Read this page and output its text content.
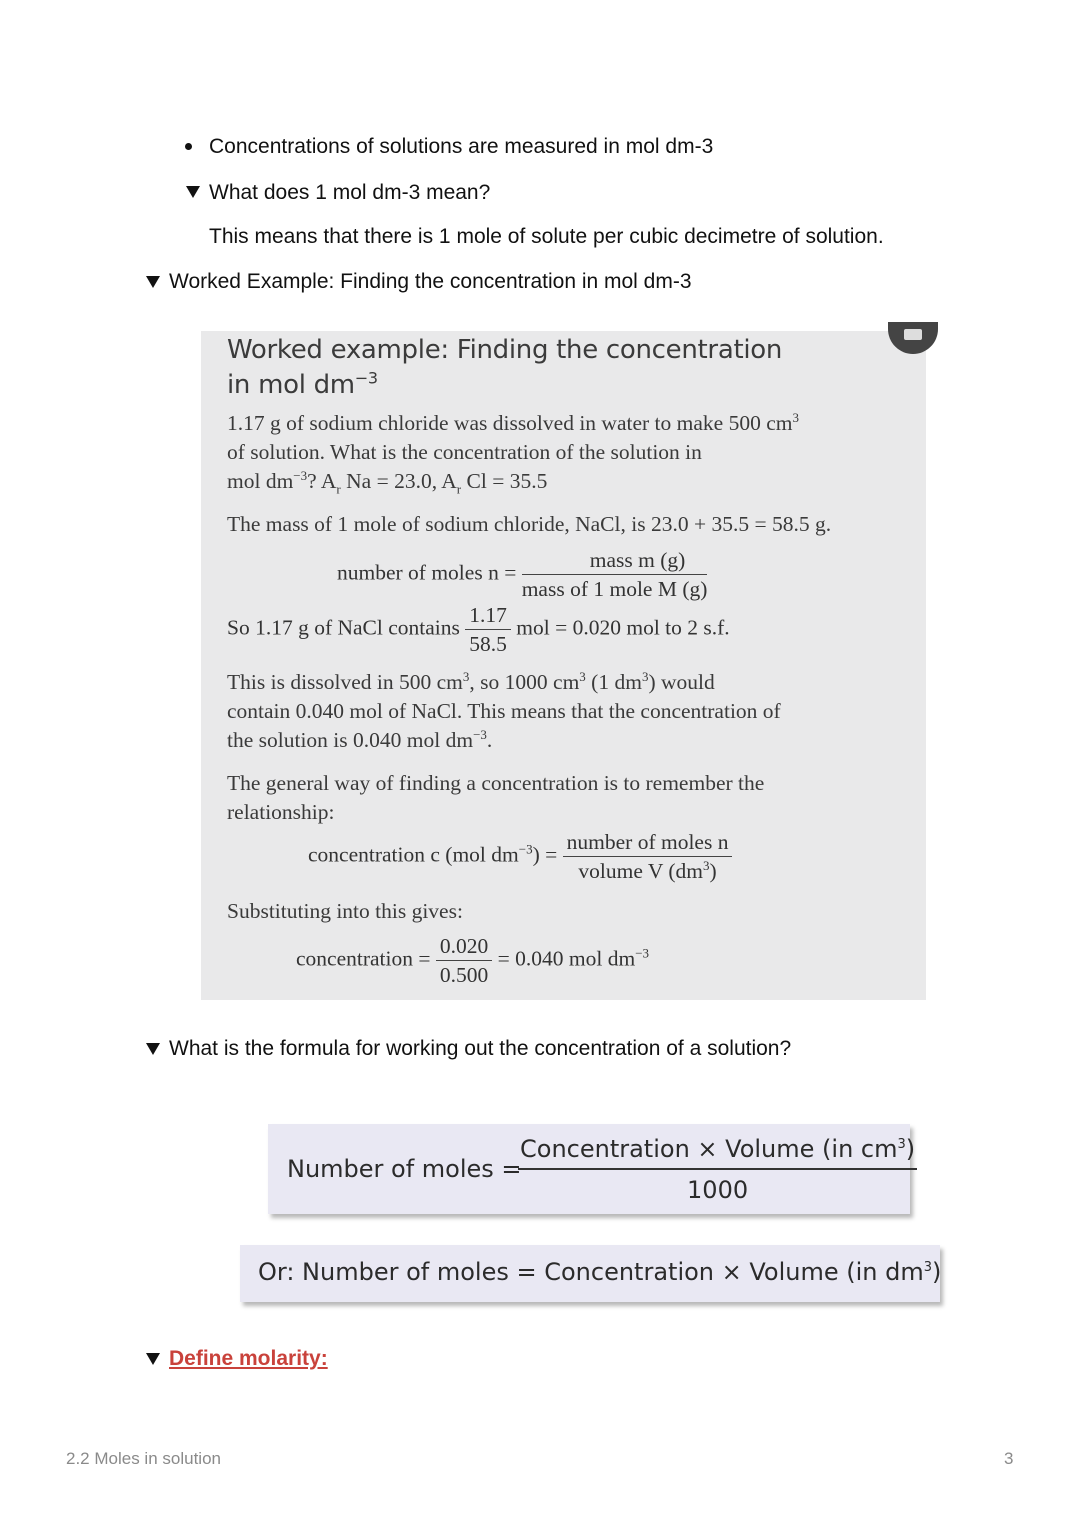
Concentrations of solutions are measured in mol dm-3
What does 1 mol dm-3 mean?
This means that there is 1 mole of solute per cubic decimetre of solution.
Worked Example: Finding the concentration in mol dm-3
Worked example: Finding the concentration
in mol $dm^{-3}$
1.17 g of sodium chloride was dissolved in water to make 500 $cm^3$
of solution. What is the concentration of the solution in
mol $dm^{-3}$? $A_r$ Na = 23.0, $A_r$ Cl = 35.5
The mass of 1 mole of sodium chloride, NaCl, is 23.0 + 35.5 = 58.5 g.
number of moles $n = \frac{\text{mass m (g)}}{\text{mass of 1 mole M (g)}}$
So 1.17 g of NaCl contains $\frac{1.17}{58.5}$ mol = 0.020 mol to 2 s.f.
This is dissolved in 500 $cm^3$, so 1000 $cm^3$ (1 $dm^3$) would
contain 0.040 mol of NaCl. This means that the concentration of
the solution is 0.040 mol $dm^{-3}$.
The general way of finding a concentration is to remember the
relationship:
concentration c (mol $dm^{-3}) = \frac{\text{number of moles n}}{volume V (dm^3)}$
Substituting into this gives:
concentration = $\frac{0.020}{0.500} = 0.040$ mol $dm^{-3}$
What is the formula for working out the concentration of a solution?
Number of moles =
$\frac{Concentration \times Volume (in cm^3)}{1000}$
Or: Number of moles = Concentration × Volume (in $dm^3$)
Define molarity:
2.2 Moles in solution	3
